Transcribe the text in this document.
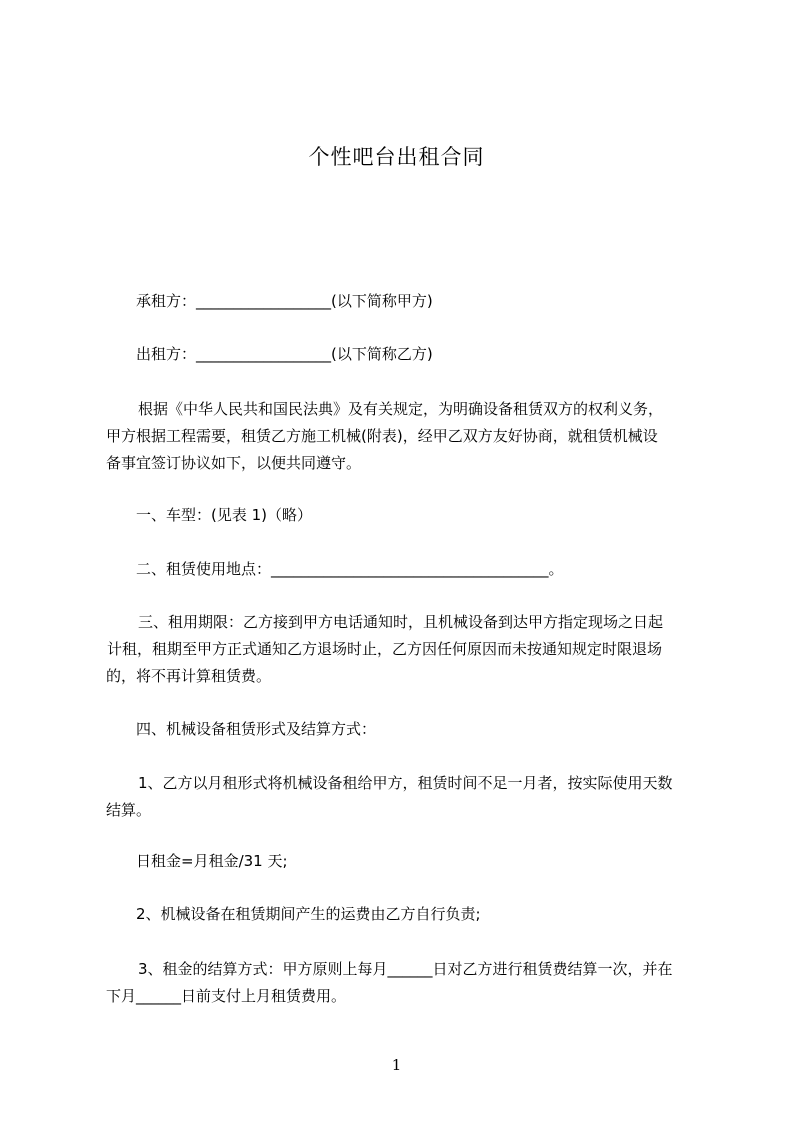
个性吧台出租合同
承租方：__________________(以下简称甲方)
出租方：__________________(以下简称乙方)
根据《中华人民共和国民法典》及有关规定，为明确设备租赁双方的权利义务，
甲方根据工程需要，租赁乙方施工机械(附表)，经甲乙双方友好协商，就租赁机械设
备事宜签订协议如下，以便共同遵守。
一、车型：(见表 1)（略）
二、租赁使用地点：_____________________________________。
三、租用期限：乙方接到甲方电话通知时，且机械设备到达甲方指定现场之日起
计租，租期至甲方正式通知乙方退场时止，乙方因任何原因而未按通知规定时限退场
的，将不再计算租赁费。
四、机械设备租赁形式及结算方式：
1、乙方以月租形式将机械设备租给甲方，租赁时间不足一月者，按实际使用天数
结算。
日租金=月租金/31 天;
2、机械设备在租赁期间产生的运费由乙方自行负责;
3、租金的结算方式：甲方原则上每月______日对乙方进行租赁费结算一次，并在
下月______日前支付上月租赁费用。
1
